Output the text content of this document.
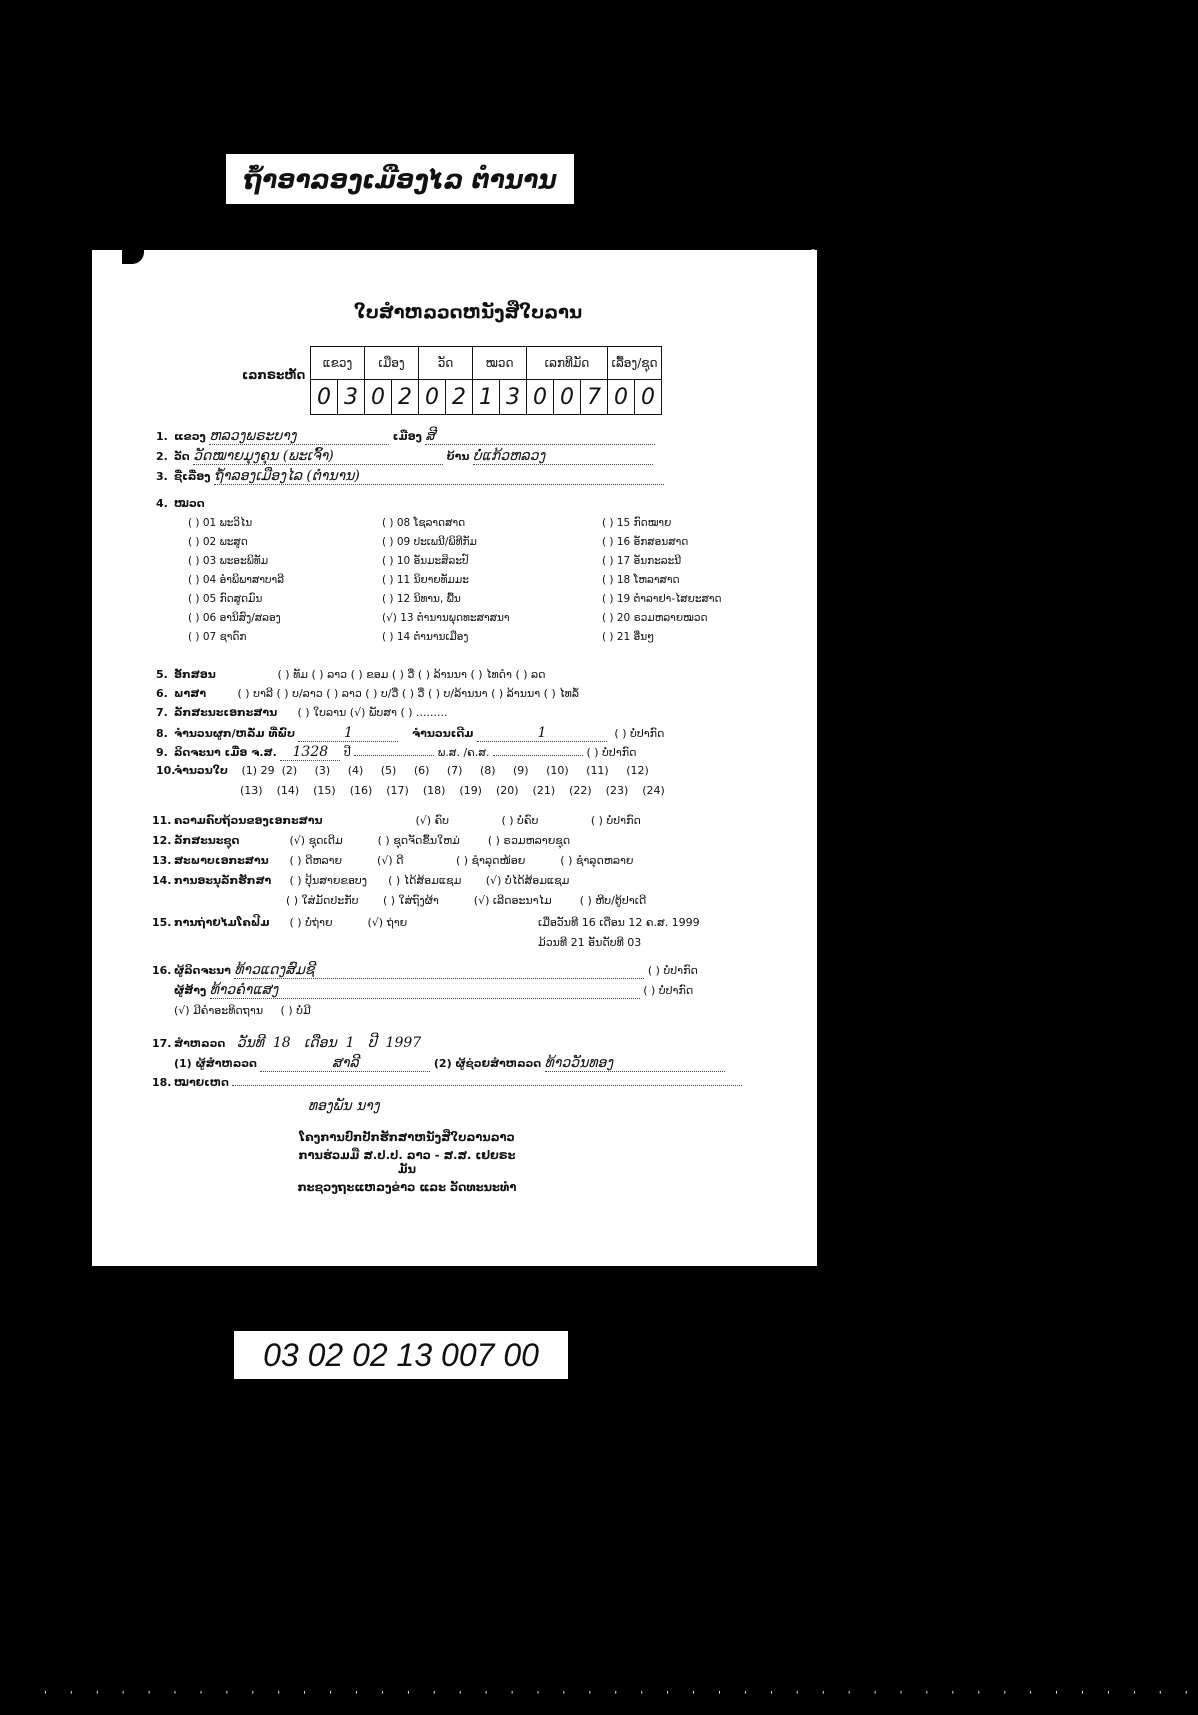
ຖໍ້າອາລອງເມືອງໄລ ຕຳນານ
ໃບສຳຫລວດຫນັງສືໃບລານ
ເລກຣະຫັດ
ແຂວງ		ເມືອງ		ວັດ		ໝວດ		ເລກທີມັດ			ເລື້ອງ/ຊຸດ	
0	3	0	2	0	2	1	3	0	0	7	0	0
1. ແຂວງ ຫລວງພຣະບາງ	ເມືອງ ສີ
2. ວັດ ວັດໝາຍມຸງຄຸນ (ພະເຈົ້າ)	ບ້ານ ບໍ່ແກ້ວຫລວງ
3. ຊື່ເລື່ອງ ຖໍ້າລອງເມືອງໄລ (ຕຳນານ)
4. ໝວດ
( ) 01 ພະວິໄນ	( ) 08 ໂຊລາດສາດ	( ) 15 ກົດໝາຍ
( ) 02 ພະສູດ	( ) 09 ປະເພນີ/ພິທີກັມ	( ) 16 ອັກສອນສາດ
( ) 03 ພະອະພິທັມ	( ) 10 ອັນມະສິລະປ໌	( ) 17 ອັນກະລະນີ
( ) 04 ອຳພິພາສາບາລີ	( ) 11 ນິຍາຍທັມມະ	( ) 18 ໂຫລາສາດ
( ) 05 ກົດສູດມົນ	( ) 12 ນິທານ, ພື້ນ	( ) 19 ຕຳລາຢາ-ໄສຍະສາດ
( ) 06 ອານິສົງ/ສລອງ	(√) 13 ຕຳນານພຸດທະສາສນາ	( ) 20 ຣວມຫລາຍໝວດ
( ) 07 ຊາດົກ	( ) 14 ຕຳນານເມືອງ	( ) 21 ອື່ນໆ
5. ອັກສອນ	( ) ທັມ ( ) ລາວ ( ) ຂອມ ( ) ວື່ ( ) ລ້ານນາ ( ) ໄທດຳ ( ) ລດ
6. ພາສາ	( ) ບາລີ ( ) ບ/ລາວ ( ) ລາວ ( ) ບ/ວື່ ( ) ວື່ ( ) ບ/ລ້ານນາ ( ) ລ້ານນາ ( ) ໄທລໍ້
7. ລັກສະນະເອກະສານ ( ) ໃບລານ (√) ພັບສາ ( ) .........
8. ຈຳນວນຜູກ/ຫລັ່ມ ທີ່ພົບ	1	ຈຳນວນເດີມ	1	( ) ບໍ່ປາກົດ
9. ລິດຈະນາ ເມື່ອ ຈ.ສ. 1328 ປີ	ພ.ສ. /ຄ.ສ.	( ) ບໍ່ປາກົດ
10.ຈຳນວນໃບ (1) 29  (2)     (3)     (4)     (5)     (6)     (7)     (8)     (9)     (10)     (11)     (12)
(13)    (14)    (15)    (16)    (17)    (18)    (19)    (20)    (21)    (22)    (23)    (24)
11. ຄວາມຄົບຖ້ວນຂອງເອກະສານ	(√) ຄົບ               ( ) ບໍ່ຄົບ               ( ) ບໍ່ປາກົດ
12. ລັກສະນະຊຸດ	(√) ຊຸດເດີມ          ( ) ຊຸດຈັດຂຶ້ນໃຫມ່        ( ) ຣວມຫລາຍຊຸດ
13. ສະພາບເອກະສານ ( ) ດີຫລາຍ          (√) ດີ               ( ) ຊຳລຸດໜ້ອຍ          ( ) ຊຳລຸດຫລາຍ
14. ການອະນຸລັກຮັກສາ ( ) ປຸ້ນສາຍຂອບງ      ( ) ໄດ້ສ້ອມແຊມ       (√) ບໍ່ໄດ້ສ້ອມແຊມ
( ) ໃສ່ມັດປະກັບ       ( ) ໃສ່ຖົງຜ້າ          (√) ເລີດອະນາໄມ        ( ) ຫີບ/ຕູ້ປາເດີ
15. ການຖ່າຍໄມໂຄຟີມ ( ) ບໍ່ຖ່າຍ          (√) ຖ່າຍ	ເມື່ອວັນທີ 16 ເດືອນ 12 ຄ.ສ. 1999
ມ້ວນທີ 21 ອັນດັບທີ 03
16. ຜູ້ລິດຈະນາ ທ້າວແດງສົມຊີ	( ) ບໍ່ປາກົດ
ຜູ້ສ້າງ ທ້າວຄໍາແສງ	( ) ບໍ່ປາກົດ
(√) ມີຄຳອະທິດຖານ     ( ) ບໍ່ມີ
17. ສຳຫລວດ ວັນທີ  18   ເດືອນ  1   ປີ  1997
(1) ຜູ້ສຳຫລວດ	ສາລີ	(2) ຜູ້ຊ່ວຍສຳຫລວດ ທ້າວວັນທອງ
18. ໝາຍເຫດ
ທອງພັນ ນາງ
ໂຄງການປົກປັກຮັກສາຫນັງສືໃບລານລາວ
ການຮ່ວມມື ສ.ປ.ປ. ລາວ - ສ.ສ. ເຢຍຣະມັນ
ກະຊວງຖະແຫລງຂ່າວ ແລະ ວັດທະນະທຳ
03 02 02 13 007 00
' ' ' ' ' ' ' ' ' ' ' ' ' ' ' ' ' ' ' ' ' ' ' ' ' ' ' ' ' ' ' ' ' ' ' ' ' ' ' ' ' ' ' ' '
